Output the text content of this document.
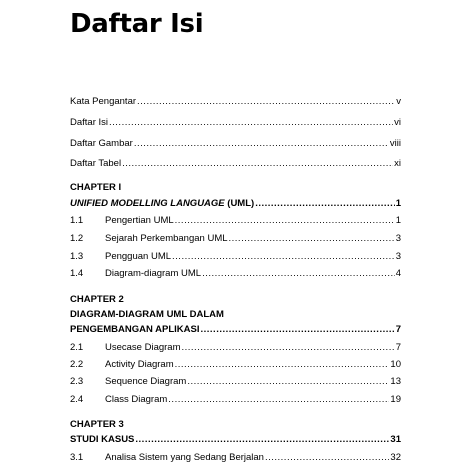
Daftar Isi
Kata Pengantar .....	v
Daftar Isi .....	vi
Daftar Gambar .....	viii
Daftar Tabel .....	xi
CHAPTER I
UNIFIED MODELLING LANGUAGE (UML) .....	1
1.1	Pengertian UML .....	1
1.2	Sejarah Perkembangan UML .....	3
1.3	Pengguan UML .....	3
1.4	Diagram-diagram UML .....	4
CHAPTER 2
DIAGRAM-DIAGRAM UML DALAM
PENGEMBANGAN APLIKASI .....	7
2.1	Usecase Diagram .....	7
2.2	Activity Diagram .....	10
2.3	Sequence Diagram .....	13
2.4	Class Diagram .....	19
CHAPTER 3
STUDI KASUS .....	31
3.1	Analisa Sistem yang Sedang Berjalan .....	32
